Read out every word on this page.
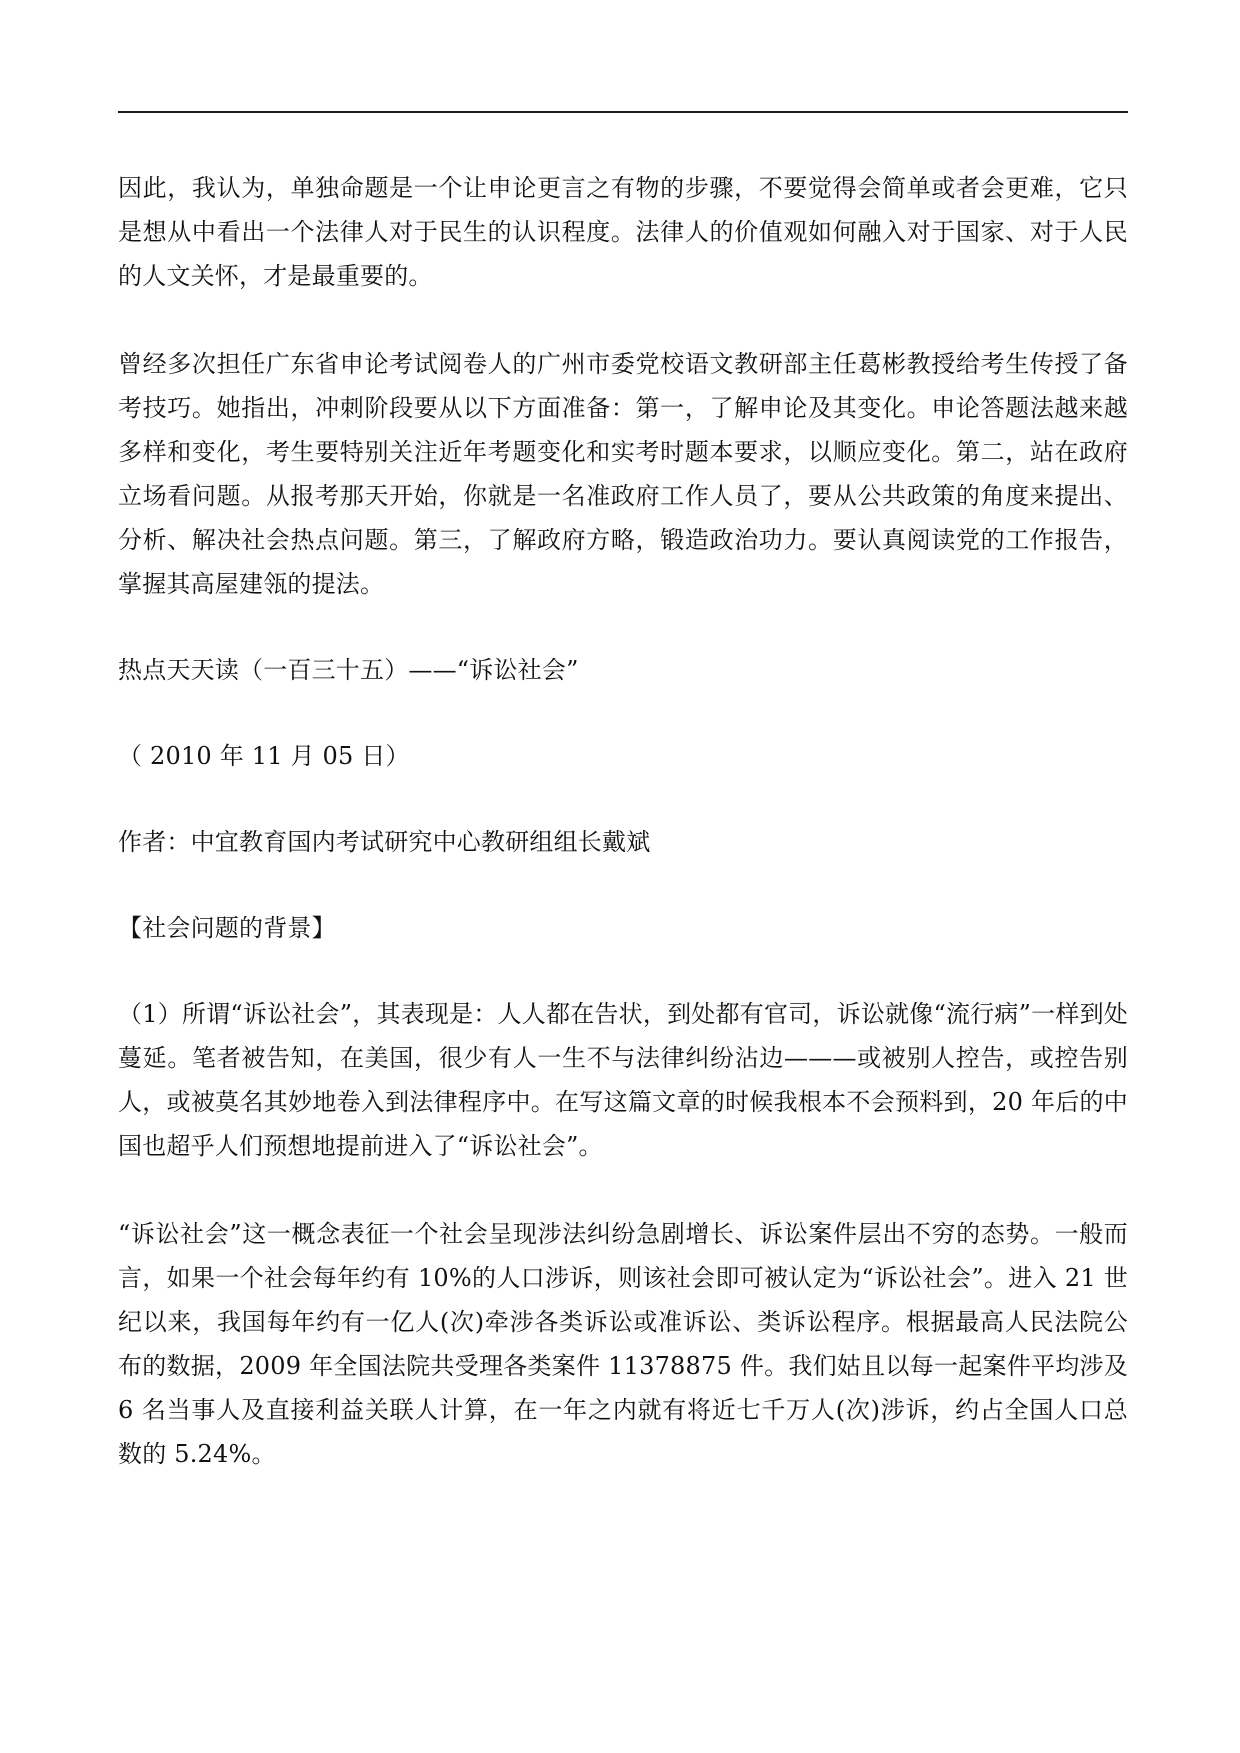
因此，我认为，单独命题是一个让申论更言之有物的步骤，不要觉得会简单或者会更难，它只是想从中看出一个法律人对于民生的认识程度。法律人的价值观如何融入对于国家、对于人民的人文关怀，才是最重要的。

曾经多次担任广东省申论考试阅卷人的广州市委党校语文教研部主任葛彬教授给考生传授了备考技巧。她指出，冲刺阶段要从以下方面准备：第一，了解申论及其变化。申论答题法越来越多样和变化，考生要特别关注近年考题变化和实考时题本要求，以顺应变化。第二，站在政府立场看问题。从报考那天开始，你就是一名准政府工作人员了，要从公共政策的角度来提出、分析、解决社会热点问题。第三，了解政府方略，锻造政治功力。要认真阅读党的工作报告，掌握其高屋建瓴的提法。

热点天天读（一百三十五）——“诉讼社会”

（ 2010 年 11 月 05 日）

作者：中宜教育国内考试研究中心教研组组长戴斌

【社会问题的背景】

（1）所谓“诉讼社会”，其表现是：人人都在告状，到处都有官司，诉讼就像“流行病”一样到处蔓延。笔者被告知，在美国，很少有人一生不与法律纠纷沾边———或被别人控告，或控告别人，或被莫名其妙地卷入到法律程序中。在写这篇文章的时候我根本不会预料到，20 年后的中国也超乎人们预想地提前进入了“诉讼社会”。

“诉讼社会”这一概念表征一个社会呈现涉法纠纷急剧增长、诉讼案件层出不穷的态势。一般而言，如果一个社会每年约有 10%的人口涉诉，则该社会即可被认定为“诉讼社会”。进入 21 世纪以来，我国每年约有一亿人(次)牵涉各类诉讼或准诉讼、类诉讼程序。根据最高人民法院公布的数据，2009 年全国法院共受理各类案件 11378875 件。我们姑且以每一起案件平均涉及 6 名当事人及直接利益关联人计算，在一年之内就有将近七千万人(次)涉诉，约占全国人口总数的 5.24%。
